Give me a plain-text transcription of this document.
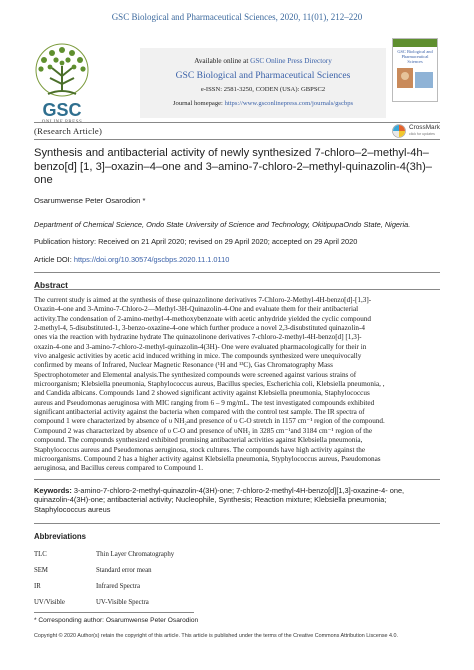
GSC Biological and Pharmaceutical Sciences, 2020, 11(01), 212–220
GSC
ONLINE PRESS
Available online at GSC Online Press Directory
GSC Biological and Pharmaceutical Sciences
e-ISSN: 2581-3250, CODEN (USA): GBPSC2
Journal homepage: https://www.gsconlinepress.com/journals/gscbps
GSC Biological and Pharmaceutical Sciences
(Research Article)	CrossMark
click for updates
Synthesis and antibacterial activity of newly synthesized 7-chloro–2–methyl-4h–
benzo[d] [1, 3]–oxazin–4–one and 3–amino-7-chloro-2–methyl-quinazolin-4(3h)–
one
Osarumwense Peter Osarodion *
Department of Chemical Science, Ondo State University of Science and Technology, OkitipupaOndo State, Nigeria.
Publication history: Received on 21 April 2020; revised on 29 April 2020; accepted on 29 April 2020
Article DOI: https://doi.org/10.30574/gscbps.2020.11.1.0110
Abstract
The current study is aimed at the synthesis of these quinazolinone derivatives 7-Chloro-2-Methyl-4H-benzo[d]-[1,3]-
Oxazin-4-one and 3-Amino-7-Chloro-2—Methyl-3H-Quinazolin-4-One and evaluate them for their antibacterial
activity.The condensation of 2-amino-methyl-4-methoxybenzoate with acetic anhydride yielded the cyclic compound
2-methyl-4, 5-disubstituted-1, 3-benzo-oxazine-4-one which further produce a novel 2,3-disubstituted quinazolin-4
ones via the reaction with hydrazine hydrate The quinazolinone derivatives 7-chloro-2-methyl-4H-benzo[d] [1,3]-
oxazin-4-one and 3-amino-7-chloro-2-methyl-quinazolin-4(3H)- One were evaluated pharmacologically for their in
vivo analgesic activities by acetic acid induced writhing in mice. The compounds synthesized were unequivocally
confirmed by means of Infrared, Nuclear Magnetic Resonance (¹H and ¹³C), Gas Chromatography Mass
Spectrophotometer and Elemental analysis.The synthesized compounds were screened against various strains of
microorganism; Klebsiella pneumonia, Staphylococcus aureus, Bacillus species, Escherichia coli, Klebsiella pneumonia, ,
and Candida albicans. Compounds 1and 2 showed significant activity against Klebsiella pneumonia, Staphylococcus
aureus and Pseudomonas aeruginosa with MIC ranging from 6 – 9 mg/mL. The test investigated compounds exhibited
significant antibacterial activity against the bacteria when compared with the control test sample. The IR spectra of
compound 1 were characterized by absence of υ NH₂and presence of υ C-O stretch in 1157 cm⁻¹ region of the compound.
Compound 2 was characterized by absence of υ C-O and presence of υNH₂ in 3285 cm⁻¹and 3184 cm⁻¹ region of the
compound. The compounds synthesized exhibited promising antibacterial activities against Klebsiella pneumonia,
Staphylococcus aureus and Pseudomonas aeruginosa, stock cultures. The compounds have high activity against the
microorganisms. Compound 2 has a higher activity against Klebsiella pneumonia, Styphylococcus aureus, Pseudomonas
aeruginosa, and Bacillus cereus compared to Compound 1.
Keywords: 3-amino-7-chloro-2-methyl-quinazolin-4(3H)-one; 7-chloro-2-methyl-4H-benzo[d][1,3]-oxazine-4- one,
quinazolin-4(3H)-one; antibacterial activity; Nucleophile, Synthesis; Reaction mixture; Klebsiella pneumonia;
Staphylococcus aureus
Abbreviations
TLC	Thin Layer Chromatography
SEM	Standard error mean
IR	Infrared Spectra
UV/Visible	UV-Visible Spectra
* Corresponding author: Osarumwense Peter Osarodion
Copyright © 2020 Author(s) retain the copyright of this article. This article is published under the terms of the Creative Commons Attribution Liscense 4.0.
